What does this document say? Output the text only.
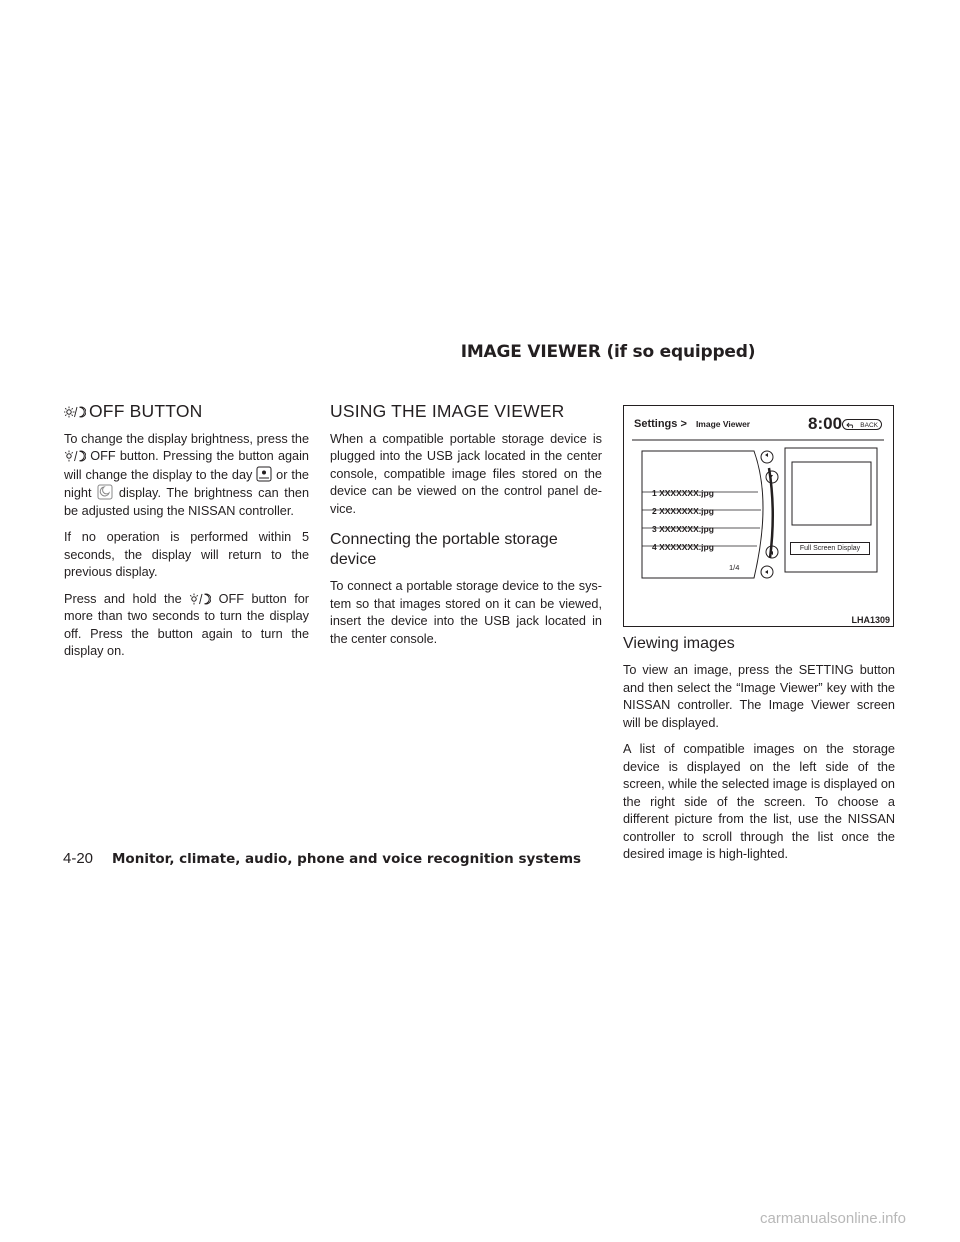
IMAGE VIEWER (if so equipped)
OFF BUTTON

To change the display brightness, press the  OFF button. Pressing the button again will change the display to the day or the night display. The brightness can then be adjusted using the NISSAN controller.

If no operation is performed within 5 seconds, the display will return to the previous display.

Press and hold the	OFF button for more than two seconds to turn the display off. Press the button again to turn the display on.

USING THE IMAGE VIEWER

When a compatible portable storage device is plugged into the USB jack located in the center console, compatible image files stored on the device can be viewed on the control panel de-vice.

Connecting the portable storage device

To connect a portable storage device to the sys-tem so that images stored on it can be viewed, insert the device into the USB jack located in the center console.

Settings > Image Viewer	8:00	BACK
1 XXXXXXX.jpg
2 XXXXXXX.jpg
3 XXXXXXX.jpg
4 XXXXXXX.jpg
1/4
Full Screen Display
LHA1309
Viewing images

To view an image, press the SETTING button and then select the “Image Viewer” key with the NISSAN controller. The Image Viewer screen will be displayed.

A list of compatible images on the storage device is displayed on the left side of the screen, while the selected image is displayed on the right side of the screen. To choose a different picture from the list, use the NISSAN controller to scroll through the list once the desired image is high-lighted.

4-20 Monitor, climate, audio, phone and voice recognition systems
carmanualsonline.info
